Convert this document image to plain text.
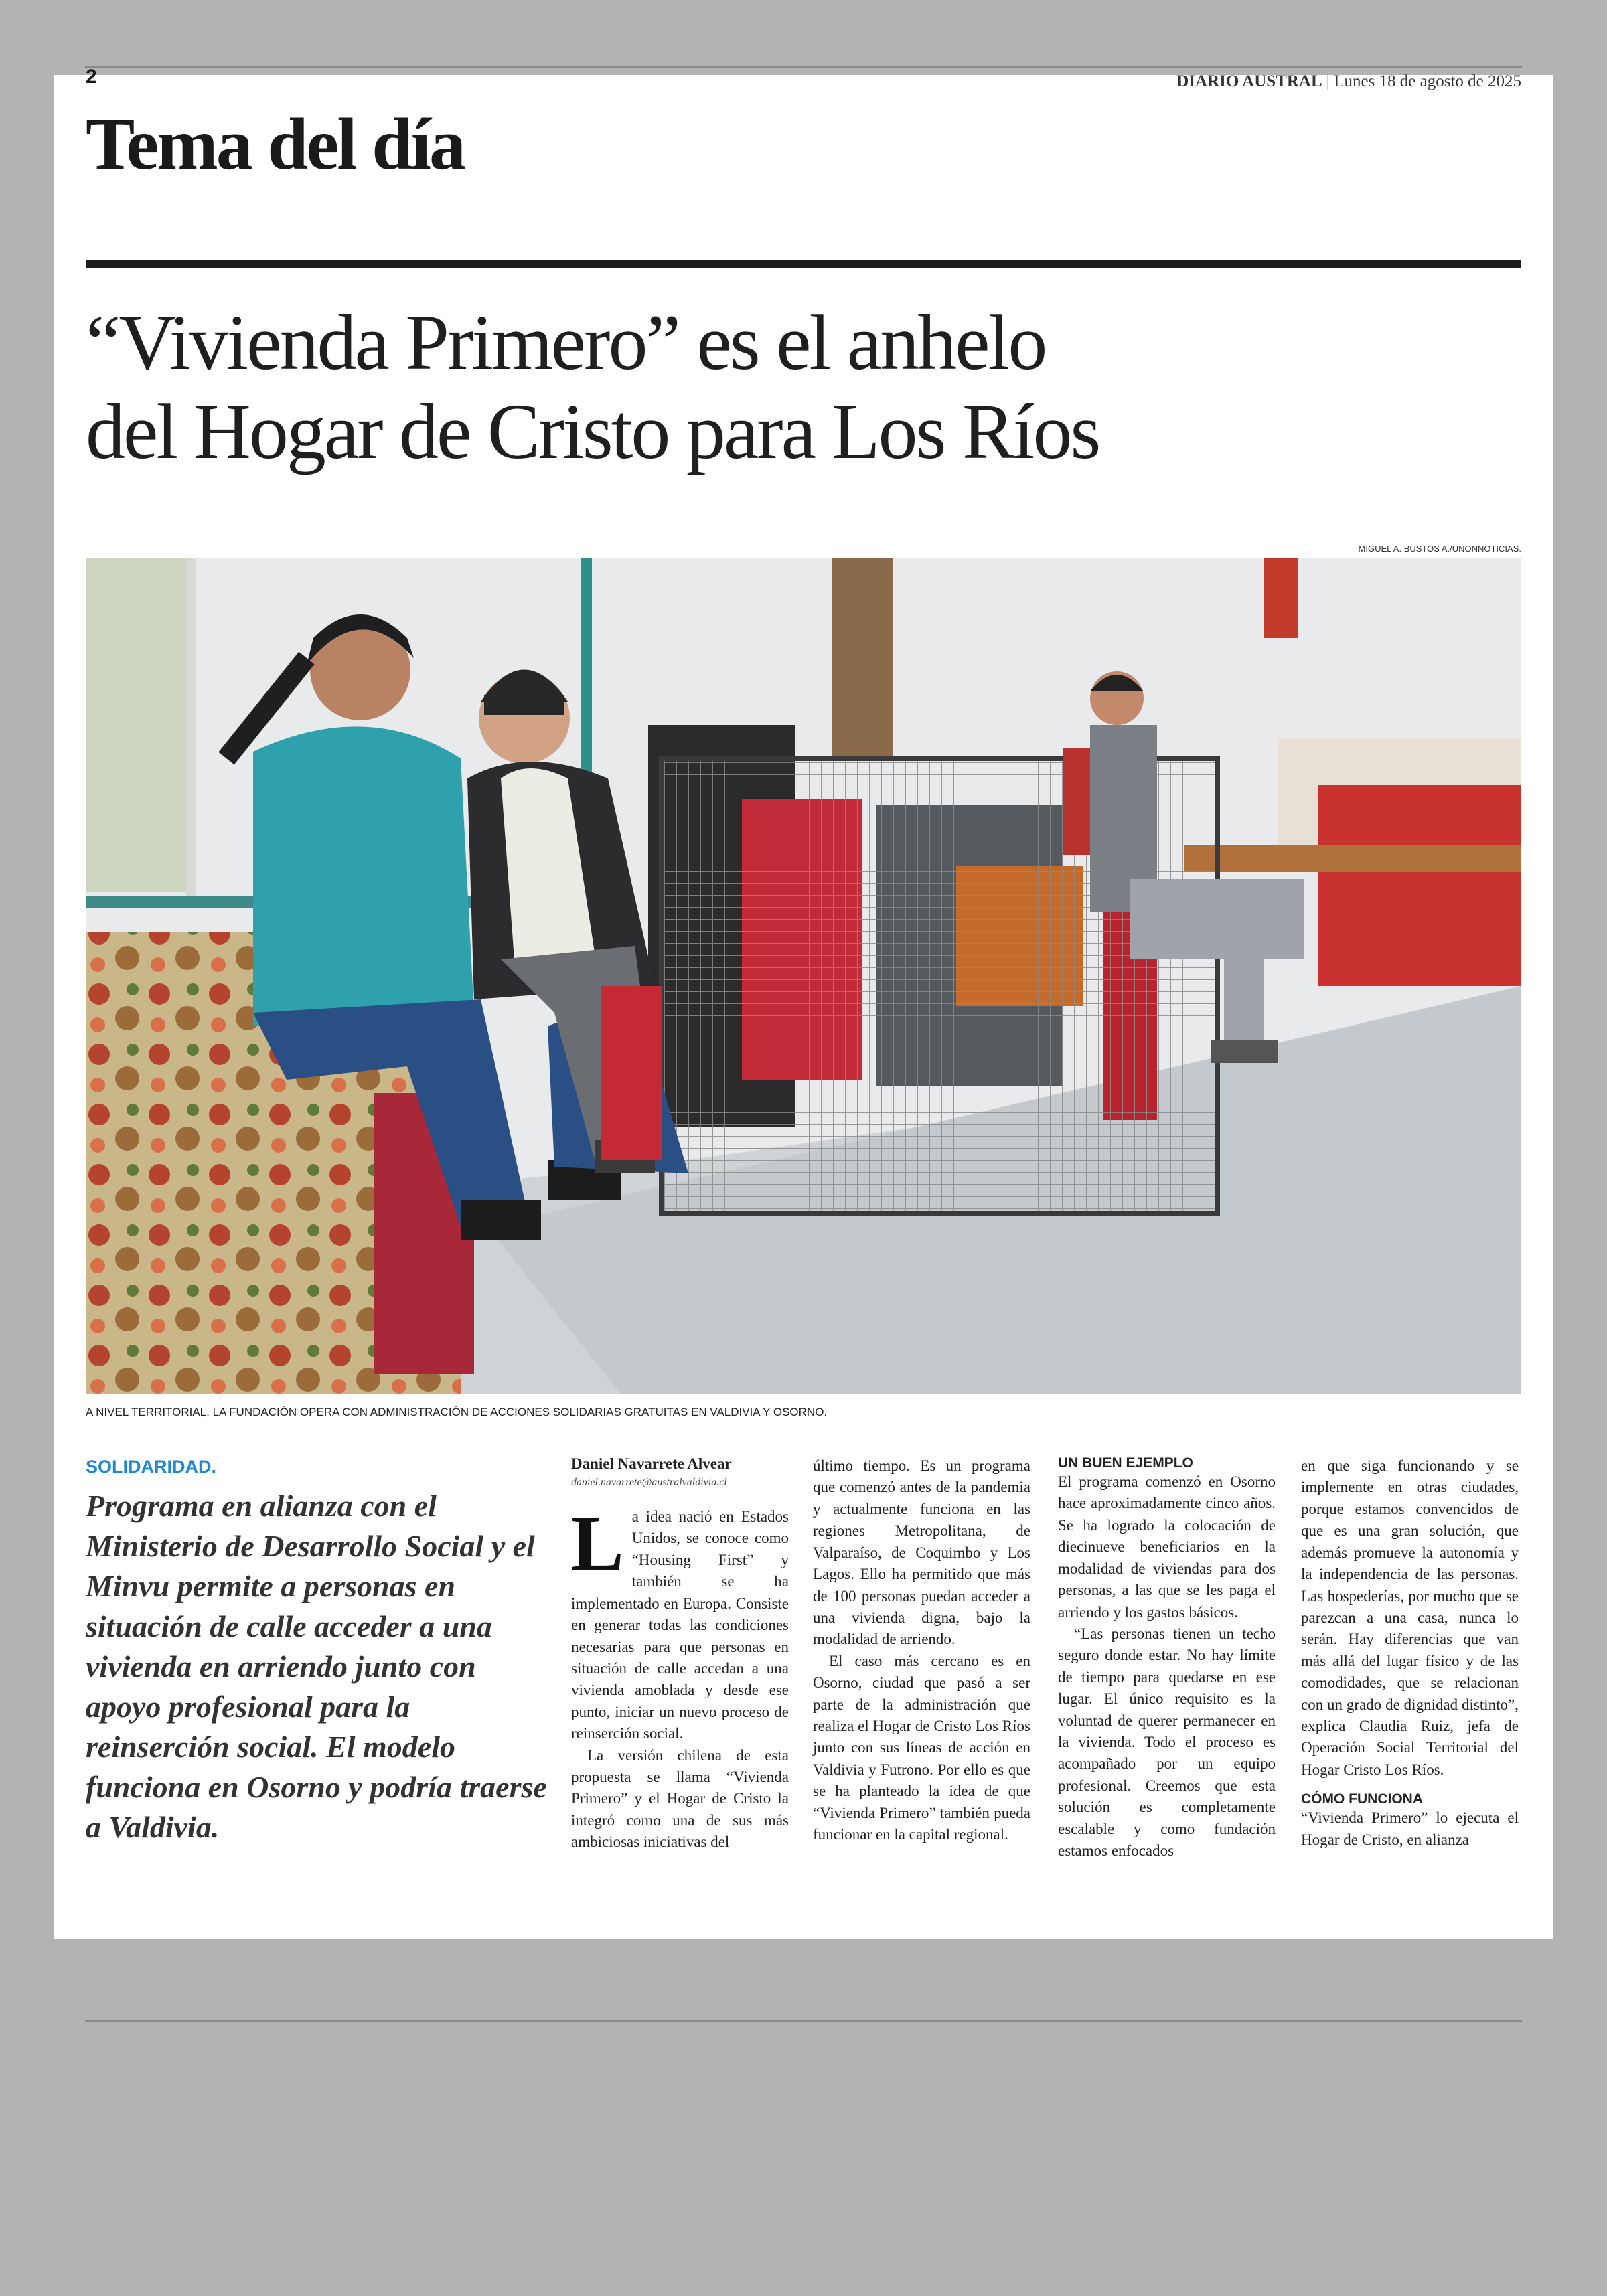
2	DIARIO AUSTRAL | Lunes 18 de agosto de 2025
Tema del día
“Vivienda Primero” es el anhelo
del Hogar de Cristo para Los Ríos
MIGUEL A. BUSTOS A./UNONNOTICIAS.
A NIVEL TERRITORIAL, LA FUNDACIÓN OPERA CON ADMINISTRACIÓN DE ACCIONES SOLIDARIAS GRATUITAS EN VALDIVIA Y OSORNO.
SOLIDARIDAD.
Programa en alianza con el Ministerio de Desarrollo Social y el Minvu permite a personas en situación de calle acceder a una vivienda en arriendo junto con apoyo profesional para la reinserción social. El modelo funciona en Osorno y podría traerse a Valdivia.
Daniel Navarrete Alvear
daniel.navarrete@australvaldivia.cl
L a idea nació en Estados Unidos, se conoce como “Housing First” y también se ha implementado en Europa. Consiste en generar todas las condiciones necesarias para que personas en situación de calle accedan a una vivienda amoblada y desde ese punto, iniciar un nuevo proceso de reinserción social.

La versión chilena de esta propuesta se llama “Vivienda Primero” y el Hogar de Cristo la integró como una de sus más ambiciosas iniciativas del

último tiempo. Es un programa que comenzó antes de la pandemia y actualmente funciona en las regiones Metropolitana, de Valparaíso, de Coquimbo y Los Lagos. Ello ha permitido que más de 100 personas puedan acceder a una vivienda digna, bajo la modalidad de arriendo.

El caso más cercano es en Osorno, ciudad que pasó a ser parte de la administración que realiza el Hogar de Cristo Los Ríos junto con sus líneas de acción en Valdivia y Futrono. Por ello es que se ha planteado la idea de que “Vivienda Primero” también pueda funcionar en la capital regional.

UN BUEN EJEMPLO

El programa comenzó en Osorno hace aproximadamente cinco años. Se ha logrado la colocación de diecinueve beneficiarios en la modalidad de viviendas para dos personas, a las que se les paga el arriendo y los gastos básicos.

“Las personas tienen un techo seguro donde estar. No hay límite de tiempo para quedarse en ese lugar. El único requisito es la voluntad de querer permanecer en la vivienda. Todo el proceso es acompañado por un equipo profesional. Creemos que esta solución es completamente escalable y como fundación estamos enfocados

en que siga funcionando y se implemente en otras ciudades, porque estamos convencidos de que es una gran solución, que además promueve la autonomía y la independencia de las personas. Las hospederías, por mucho que se parezcan a una casa, nunca lo serán. Hay diferencias que van más allá del lugar físico y de las comodidades, que se relacionan con un grado de dignidad distinto”, explica Claudia Ruiz, jefa de Operación Social Territorial del Hogar Cristo Los Ríos.

CÓMO FUNCIONA

“Vivienda Primero” lo ejecuta el Hogar de Cristo, en alianza
